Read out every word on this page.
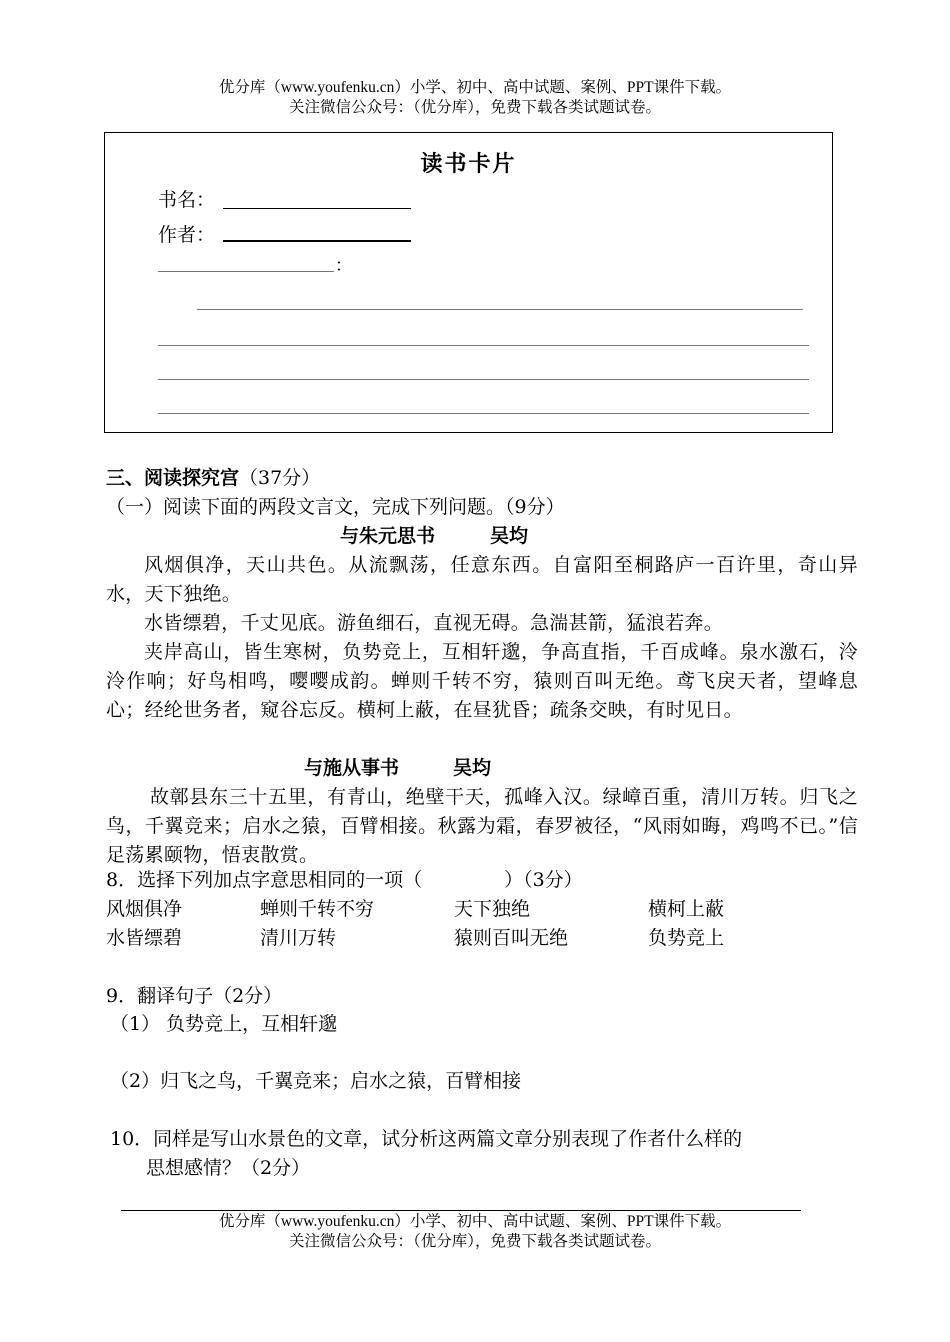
优分库（www.youfenku.cn）小学、初中、高中试题、案例、PPT课件下载。
关注微信公众号：（优分库），免费下载各类试题试卷。
读书卡片
书名：
作者：
：
三、阅读探究宫（37分）
（一）阅读下面的两段文言文，完成下列问题。（9分）
与朱元思书	吴均
风烟俱净，天山共色。从流飘荡，任意东西。自富阳至桐路庐一百许里，奇山异水，天下独绝。
水皆缥碧，千丈见底。游鱼细石，直视无碍。急湍甚箭，猛浪若奔。
夹岸高山，皆生寒树，负势竞上，互相轩邈，争高直指，千百成峰。泉水激石，泠泠作响；好鸟相鸣，嘤嘤成韵。蝉则千转不穷，猿则百叫无绝。鸢飞戾天者，望峰息心；经纶世务者，窥谷忘反。横柯上蔽，在昼犹昏；疏条交映，有时见日。
与施从事书	吴均
故鄣县东三十五里，有青山，绝壁干天，孤峰入汉。绿嶂百重，清川万转。归飞之鸟，千翼竞来；启水之猿，百臂相接。秋露为霜，春罗被径，“风雨如晦，鸡鸣不已。”信足荡累颐物，悟衷散赏。
8．选择下列加点字意思相同的一项（	）（3分）
风烟俱净	蝉则千转不穷	天下独绝	横柯上蔽
水皆缥碧	清川万转	猿则百叫无绝	负势竞上
9．翻译句子（2分）
（1） 负势竞上，互相轩邈
（2）归飞之鸟，千翼竞来；启水之猿，百臂相接
10．同样是写山水景色的文章，试分析这两篇文章分别表现了作者什么样的
思想感情？（2分）
优分库（www.youfenku.cn）小学、初中、高中试题、案例、PPT课件下载。
关注微信公众号：（优分库），免费下载各类试题试卷。
